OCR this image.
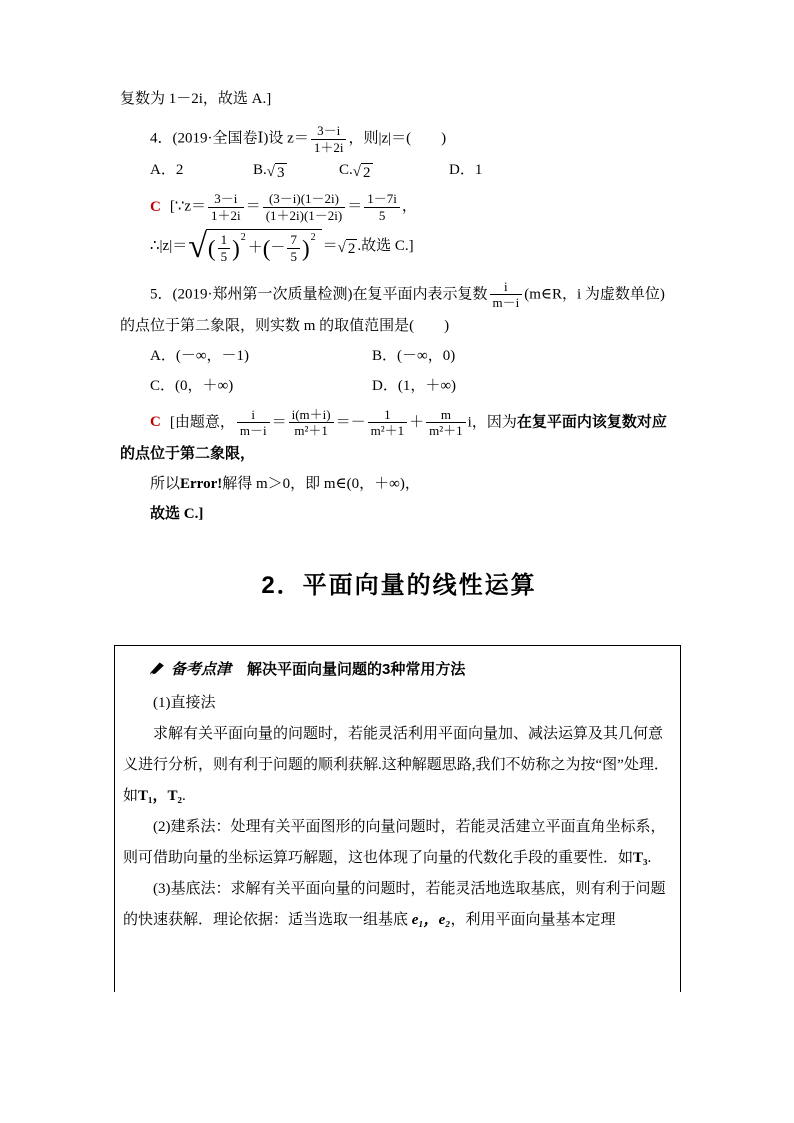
复数为 1－2i，故选 A.]

4．(2019·全国卷Ⅰ)设 $z= \frac{3-i}{1+2i}$ ，则|z|＝(　　)

A．2	B. √ 3	C. √ 2	D．1

C [∵z＝ $\frac{3-i}{1+2i} = \frac{(3-i)(1-2i)}{(1+2i)(1-2i)} = \frac{1-7i}{5}$ ，

∴|z|＝ √ ( $\frac{1}{5}$ ) 2
＋ ( － $\frac{7}{5}$ ) 2
＝ √ 2 .故选 C.]

5．(2019·郑州第一次质量检测)在复平面内表示复数 $\frac{i}{m-i}$ (m∈R，i 为虚数单位)的点位于第二象限，则实数 m 的取值范围是(　　)

A．(－∞，－1)	B．(－∞，0)
C．(0，＋∞)	D．(1，＋∞)

C [由题意， $\frac{i}{m-i} = \frac{i(m+i)}{\text{m²＋1}} =- \frac{1}{\text{m²＋1}} + \frac{m}{\text{m²＋1}}$ i，因为在复平面内该复数对应的点位于第二象限，

所以Error!解得 m＞0，即 m∈(0，＋∞)，

故选 C.]

2．平面向量的线性运算

备考点津 解决平面向量问题的3种常用方法

(1)直接法

求解有关平面向量的问题时，若能灵活利用平面向量加、减法运算及其几何意义进行分析，则有利于问题的顺利获解.这种解题思路,我们不妨称之为按“图”处理．如T₁，T₂.

(2)建系法：处理有关平面图形的向量问题时，若能灵活建立平面直角坐标系，则可借助向量的坐标运算巧解题，这也体现了向量的代数化手段的重要性．如T₃.

(3)基底法：求解有关平面向量的问题时，若能灵活地选取基底，则有利于问题的快速获解．理论依据：适当选取一组基底 e₁，e₂，利用平面向量基本定理
